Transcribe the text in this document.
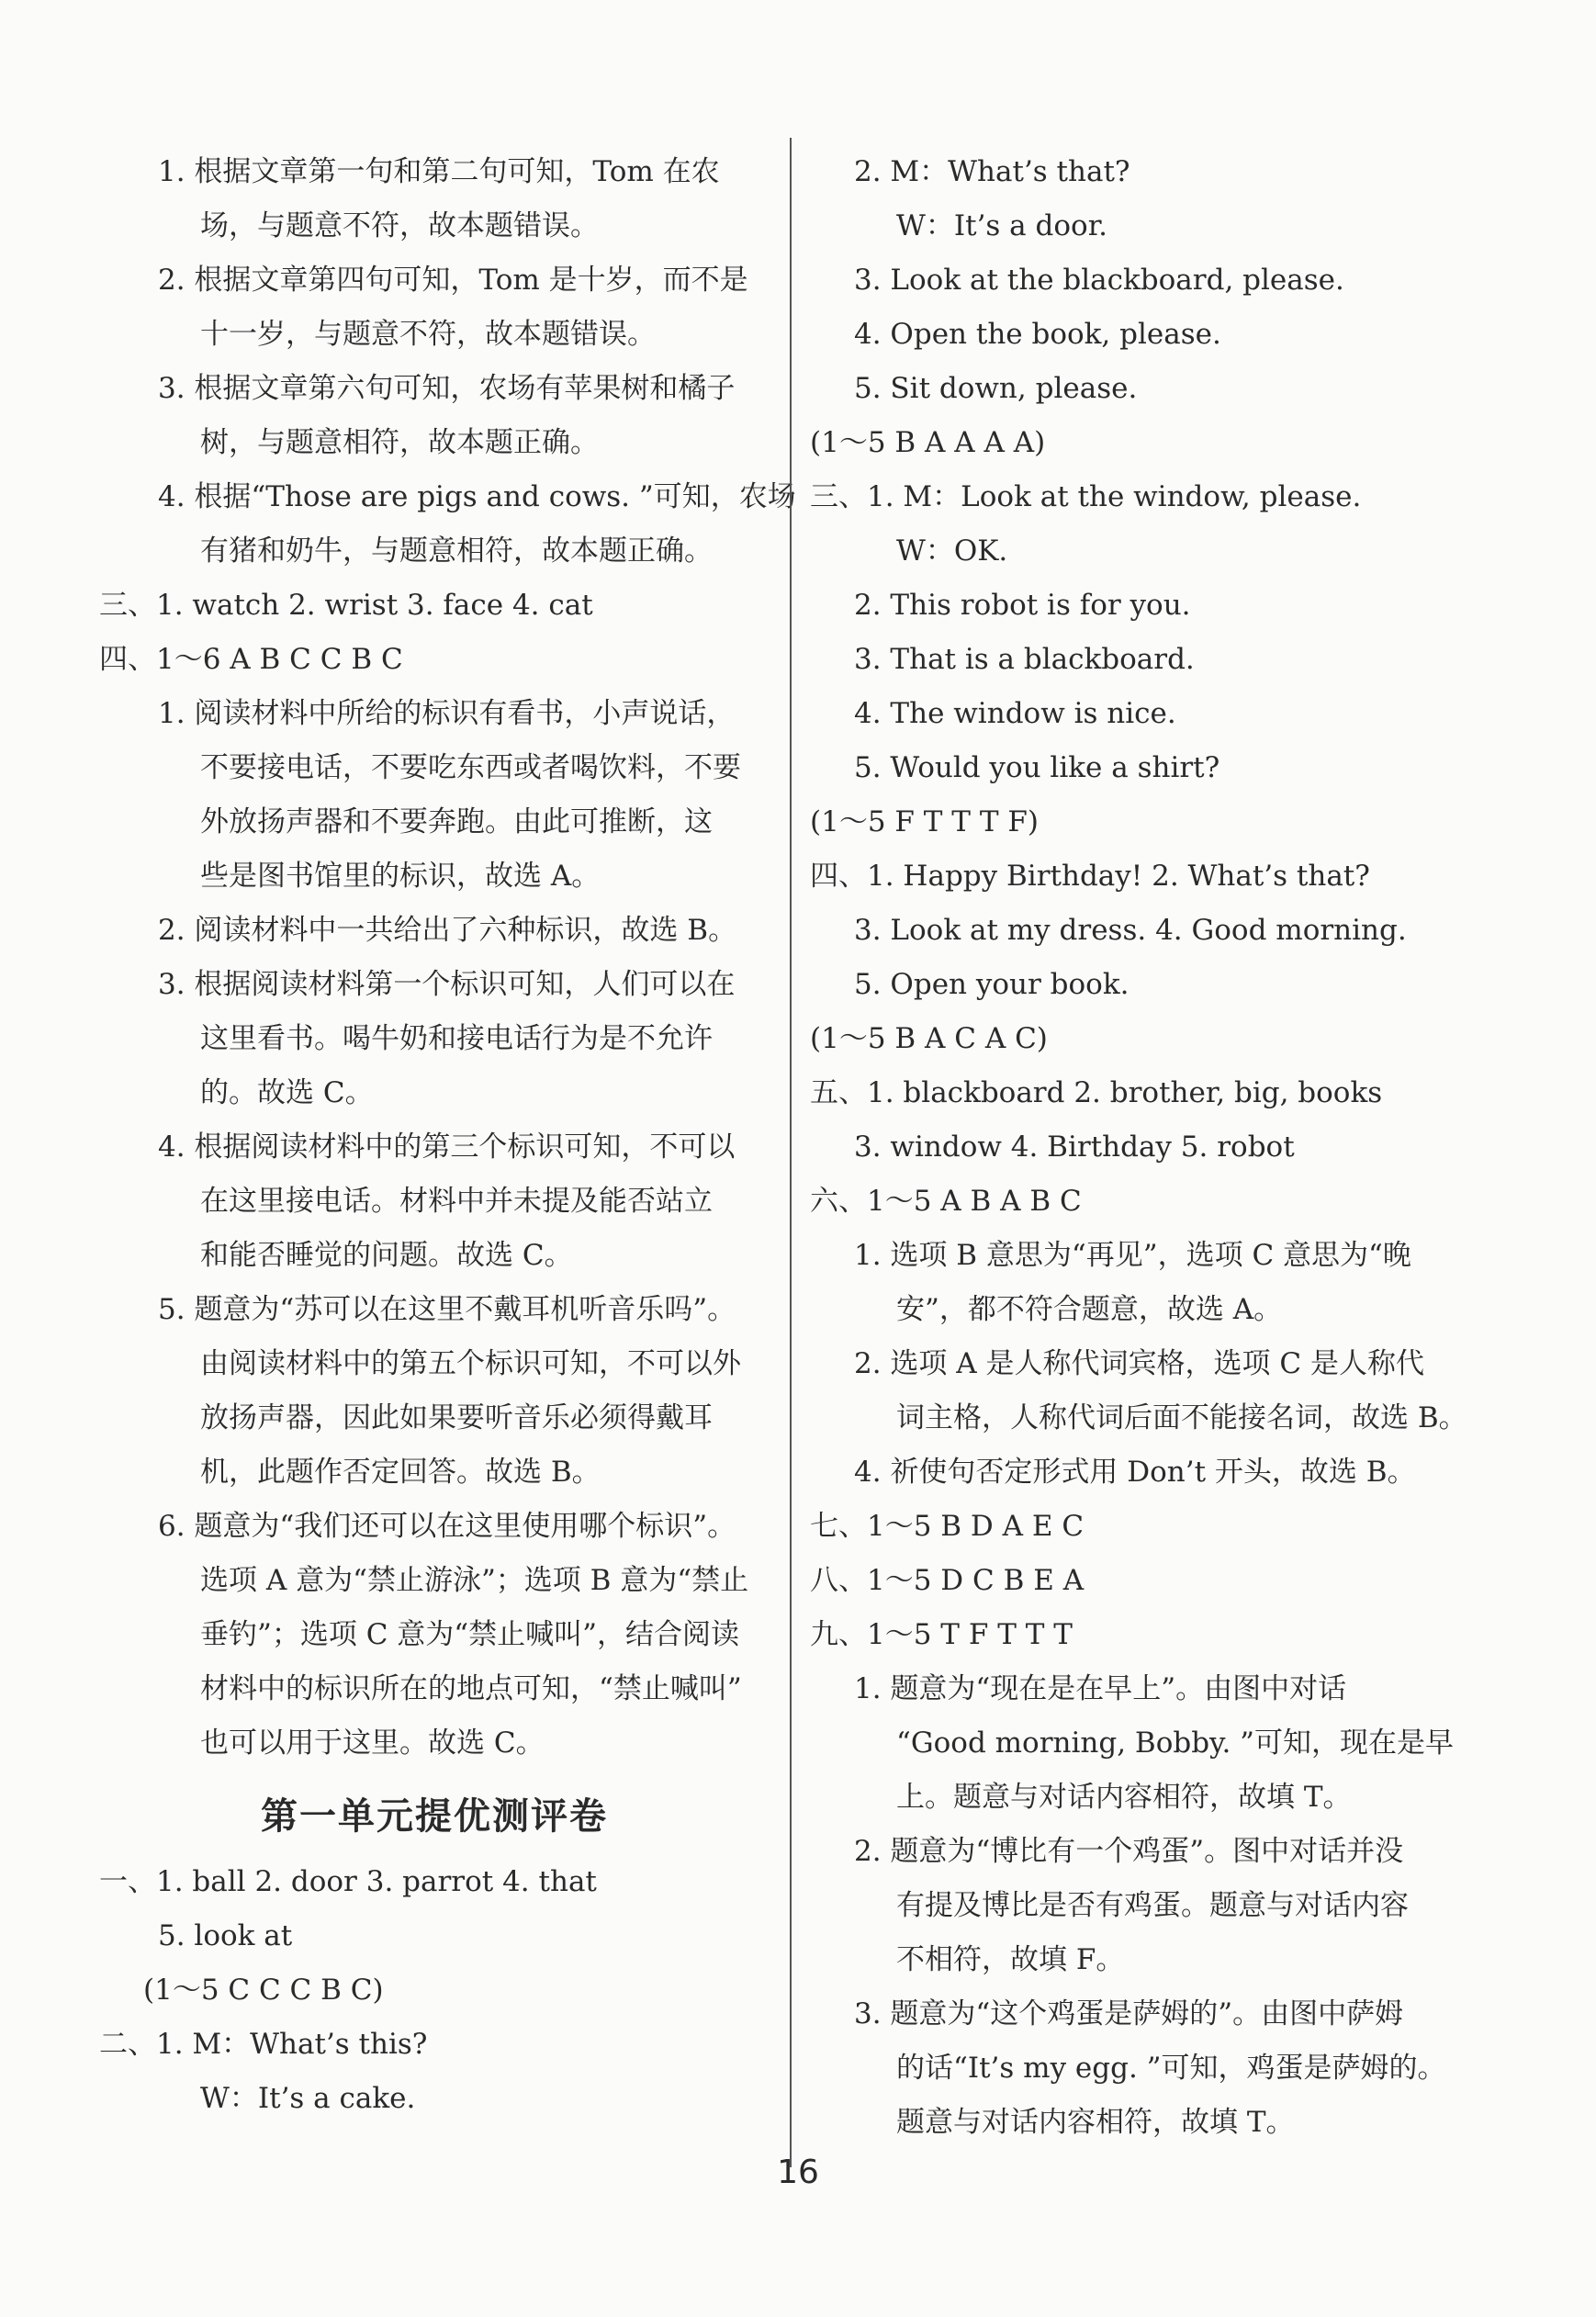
1. 根据文章第一句和第二句可知，Tom 在农
场，与题意不符，故本题错误。
2. 根据文章第四句可知，Tom 是十岁，而不是
十一岁，与题意不符，故本题错误。
3. 根据文章第六句可知，农场有苹果树和橘子
树，与题意相符，故本题正确。
4. 根据“Those are pigs and cows. ”可知，农场
有猪和奶牛，与题意相符，故本题正确。
三、1. watch 2. wrist 3. face 4. cat
四、1～6 A B C C B C
1. 阅读材料中所给的标识有看书，小声说话，
不要接电话，不要吃东西或者喝饮料，不要
外放扬声器和不要奔跑。由此可推断，这
些是图书馆里的标识，故选 A。
2. 阅读材料中一共给出了六种标识，故选 B。
3. 根据阅读材料第一个标识可知，人们可以在
这里看书。喝牛奶和接电话行为是不允许
的。故选 C。
4. 根据阅读材料中的第三个标识可知，不可以
在这里接电话。材料中并未提及能否站立
和能否睡觉的问题。故选 C。
5. 题意为“苏可以在这里不戴耳机听音乐吗”。
由阅读材料中的第五个标识可知，不可以外
放扬声器，因此如果要听音乐必须得戴耳
机，此题作否定回答。故选 B。
6. 题意为“我们还可以在这里使用哪个标识”。
选项 A 意为“禁止游泳”；选项 B 意为“禁止
垂钓”；选项 C 意为“禁止喊叫”，结合阅读
材料中的标识所在的地点可知，“禁止喊叫”
也可以用于这里。故选 C。
第一单元提优测评卷
一、1. ball 2. door 3. parrot 4. that
5. look at
(1～5 C C C B C)
二、1. M：What’s this?
W：It’s a cake.
2. M：What’s that?
W：It’s a door.
3. Look at the blackboard, please.
4. Open the book, please.
5. Sit down, please.
(1～5 B A A A A)
三、1. M：Look at the window, please.
W：OK.
2. This robot is for you.
3. That is a blackboard.
4. The window is nice.
5. Would you like a shirt?
(1～5 F T T T F)
四、1. Happy Birthday! 2. What’s that?
3. Look at my dress. 4. Good morning.
5. Open your book.
(1～5 B A C A C)
五、1. blackboard 2. brother, big, books
3. window 4. Birthday 5. robot
六、1～5 A B A B C
1. 选项 B 意思为“再见”，选项 C 意思为“晚
安”，都不符合题意，故选 A。
2. 选项 A 是人称代词宾格，选项 C 是人称代
词主格，人称代词后面不能接名词，故选 B。
4. 祈使句否定形式用 Don’t 开头，故选 B。
七、1～5 B D A E C
八、1～5 D C B E A
九、1～5 T F T T T
1. 题意为“现在是在早上”。由图中对话
“Good morning, Bobby. ”可知，现在是早
上。题意与对话内容相符，故填 T。
2. 题意为“博比有一个鸡蛋”。图中对话并没
有提及博比是否有鸡蛋。题意与对话内容
不相符，故填 F。
3. 题意为“这个鸡蛋是萨姆的”。由图中萨姆
的话“It’s my egg. ”可知，鸡蛋是萨姆的。
题意与对话内容相符，故填 T。
16
